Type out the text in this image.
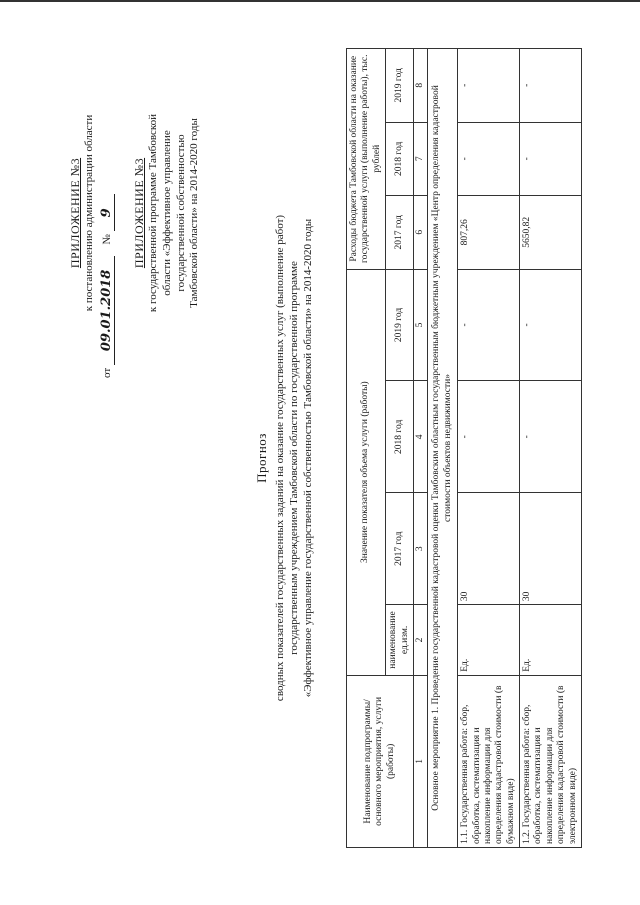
ПРИЛОЖЕНИЕ №3 к постановлению администрации области
от 09.01.2018    № 9 ПРИЛОЖЕНИЕ №3 к государственной программе Тамбовской области «Эффективное управление государственной собственностью Тамбовской области» на 2014-2020 годы
Прогноз сводных показателей государственных заданий на оказание государственных услуг (выполнение работ) государственным учреждением Тамбовской области по государственной программе «Эффективное управление государственной собственностью Тамбовской области» на 2014-2020 годы
Наименование подпрограммы/ основного мероприятия, услуги (работы)	Значение показателя объема услуги (работы)				Расходы бюджета Тамбовской области на оказание государственной услуги (выполнение работы), тыс. рублей		
	наименование ед.изм.	2017 год	2018 год	2019 год	2017 год	2018 год	2019 год
1	2	3	4	5	6	7	8
Основное мероприятие 1. Проведение государственной кадастровой оценки Тамбовским областным государственным бюджетным учреждением «Центр определения кадастровой стоимости объектов недвижимости»							
1.1. Государственная работа: сбор, обработка, систематизация и накопление информации для определения кадастровой стоимости (в бумажном виде)	Ед.	30	-	-	807,26	-	-
1.2. Государственная работа: сбор, обработка, систематизация и накопление информации для определения кадастровой стоимости (в электронном виде)	Ед.	30	-	-	5650,82	-	-
